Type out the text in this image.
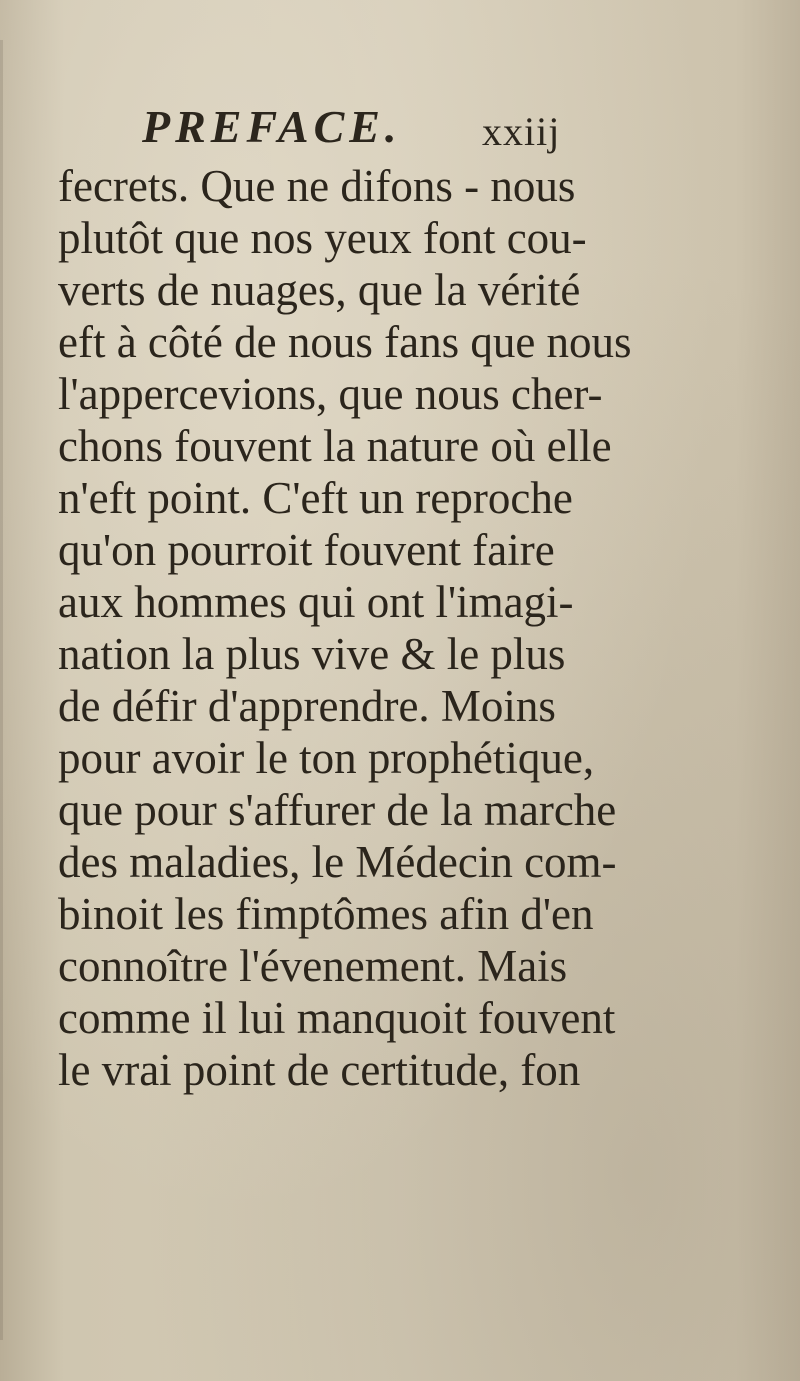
PREFACE. xxiij
fecrets. Que ne difons - nous
plutôt que nos yeux font cou-
verts de nuages, que la vérité
eft à côté de nous fans que nous
l'appercevions, que nous cher-
chons fouvent la nature où elle
n'eft point. C'eft un reproche
qu'on pourroit fouvent faire
aux hommes qui ont l'imagi-
nation la plus vive & le plus
de défir d'apprendre. Moins
pour avoir le ton prophétique,
que pour s'affurer de la marche
des maladies, le Médecin com-
binoit les fimptômes afin d'en
connoître l'évenement. Mais
comme il lui manquoit fouvent
le vrai point de certitude, fon
